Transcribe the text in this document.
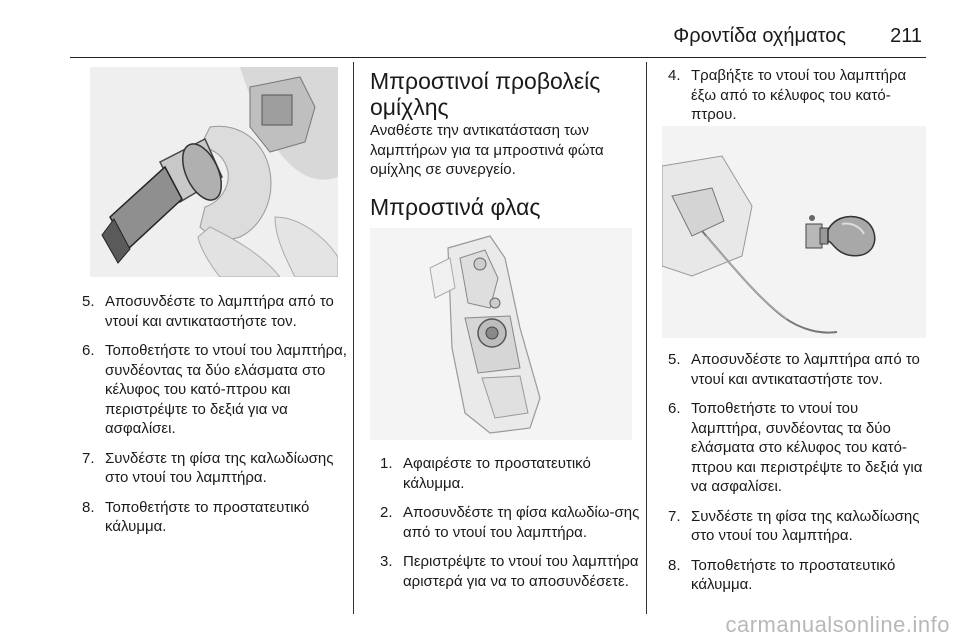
Φροντίδα οχήματος 211
5. Αποσυνδέστε το λαμπτήρα από το ντουί και αντικαταστήστε τον.
6. Τοποθετήστε το ντουί του λαμπτήρα, συνδέοντας τα δύο ελάσματα στο κέλυφος του κατό-πτρου και περιστρέψτε το δεξιά για να ασφαλίσει.
7. Συνδέστε τη φίσα της καλωδίωσης στο ντουί του λαμπτήρα.
8. Τοποθετήστε το προστατευτικό κάλυμμα.
Μπροστινοί προβολείς ομίχλης

Αναθέστε την αντικατάσταση των λαμπτήρων για τα μπροστινά φώτα ομίχλης σε συνεργείο.

Μπροστινά φλας
1. Αφαιρέστε το προστατευτικό κάλυμμα.
2. Αποσυνδέστε τη φίσα καλωδίω-σης από το ντουί του λαμπτήρα.
3. Περιστρέψτε το ντουί του λαμπτήρα αριστερά για να το αποσυνδέσετε.
4. Τραβήξτε το ντουί του λαμπτήρα έξω από το κέλυφος του κατό-πτρου.
5. Αποσυνδέστε το λαμπτήρα από το ντουί και αντικαταστήστε τον.
6. Τοποθετήστε το ντουί του λαμπτήρα, συνδέοντας τα δύο ελάσματα στο κέλυφος του κατό-πτρου και περιστρέψτε το δεξιά για να ασφαλίσει.
7. Συνδέστε τη φίσα της καλωδίωσης στο ντουί του λαμπτήρα.
8. Τοποθετήστε το προστατευτικό κάλυμμα.
carmanualsonline.info
